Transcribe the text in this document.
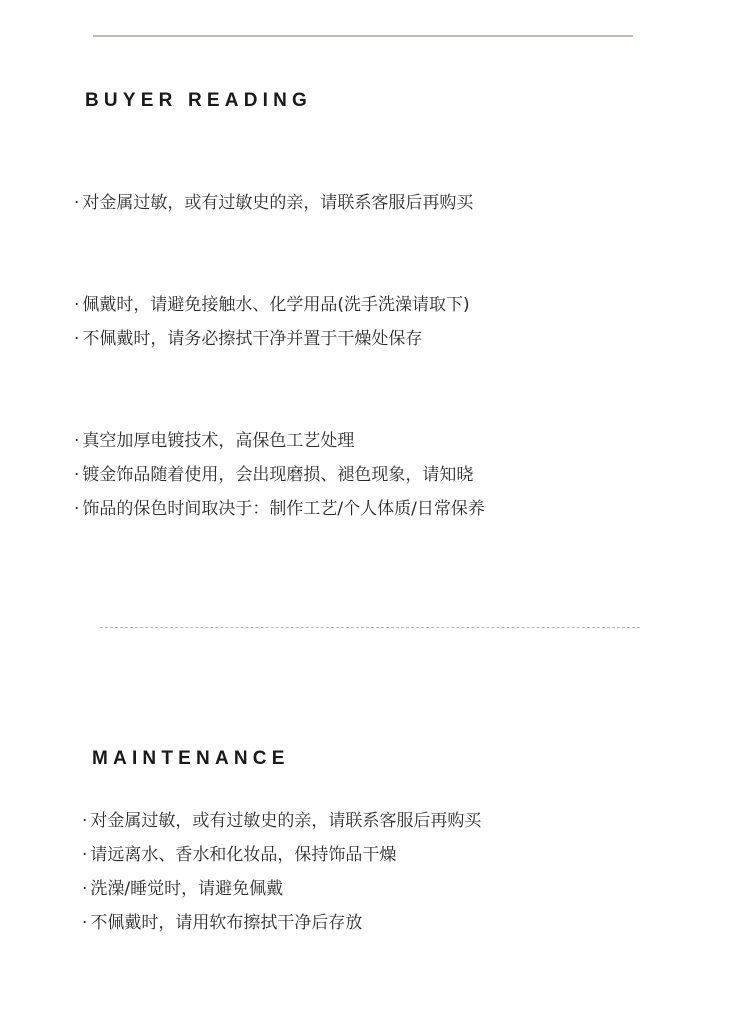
BUYER READING
· 对金属过敏，或有过敏史的亲，请联系客服后再购买
· 佩戴时，请避免接触水、化学用品(洗手洗澡请取下)
· 不佩戴时，请务必擦拭干净并置于干燥处保存
· 真空加厚电镀技术，高保色工艺处理
· 镀金饰品随着使用，会出现磨损、褪色现象，请知晓
· 饰品的保色时间取决于：制作工艺/个人体质/日常保养
MAINTENANCE
· 对金属过敏，或有过敏史的亲，请联系客服后再购买
· 请远离水、香水和化妆品，保持饰品干燥
· 洗澡/睡觉时，请避免佩戴
· 不佩戴时，请用软布擦拭干净后存放
